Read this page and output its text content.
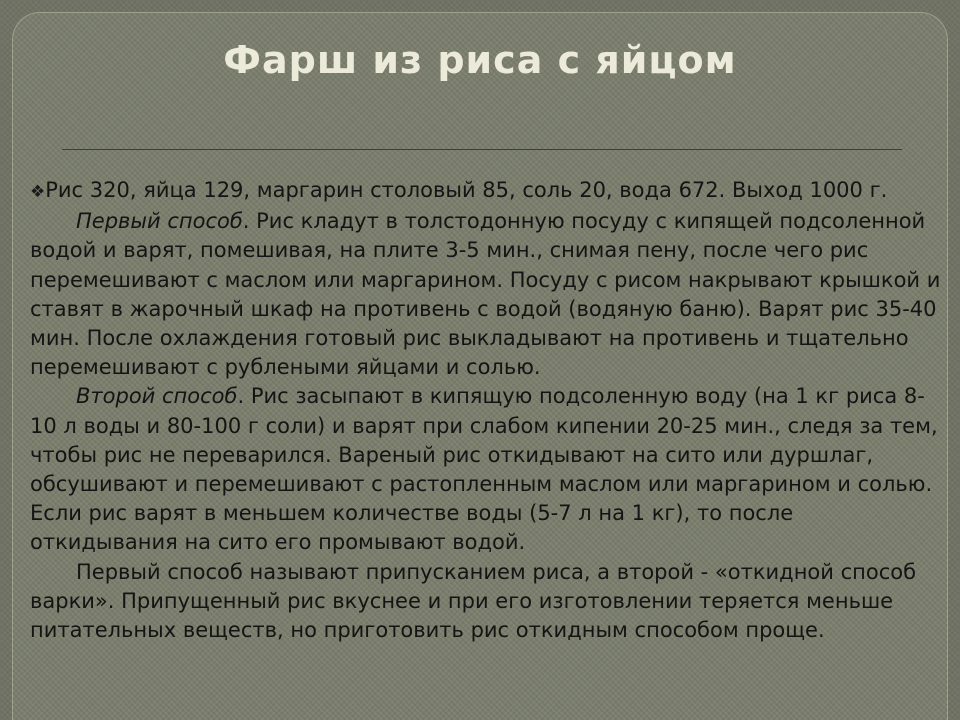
Фарш из риса с яйцом

❖Рис 320, яйца 129, маргарин столовый 85, соль 20, вода 672. Выход 1000 г.

Первый способ. Рис кладут в толстодонную посуду с кипящей подсоленной водой и варят, помешивая, на плите 3-5 мин., снимая пену, после чего рис перемешивают с маслом или маргарином. Посуду с рисом накрывают крышкой и ставят в жарочный шкаф на противень с водой (водяную баню). Варят рис 35-40 мин. После охлаждения готовый рис выкладывают на противень и тщательно перемешивают с рублеными яйцами и солью.

Второй способ. Рис засыпают в кипящую подсоленную воду (на 1 кг риса 8-10 л воды и 80-100 г соли) и варят при слабом кипении 20-25 мин., следя за тем, чтобы рис не переварился. Вареный рис откидывают на сито или дуршлаг, обсушивают и перемешивают с растопленным маслом или маргарином и солью. Если рис варят в меньшем количестве воды (5-7 л на 1 кг), то после откидывания на сито его промывают водой.

Первый способ называют припусканием риса, а второй - «откидной способ варки». Припущенный рис вкуснее и при его изготовлении теряется меньше питательных веществ, но приготовить рис откидным способом проще.
